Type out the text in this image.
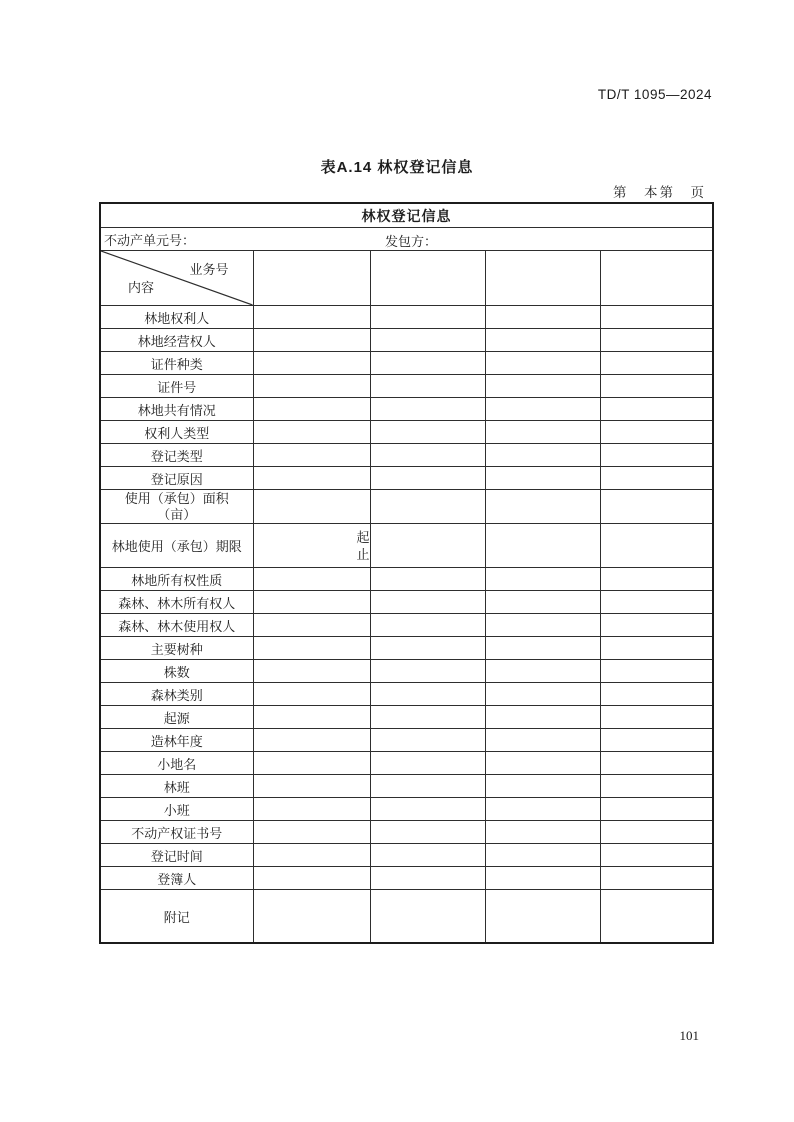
TD/T 1095—2024
表A.14 林权登记信息
第　本第　页
林权登记信息				
不动产单元号： 发包方：				

业务号
内容				

林地权利人				
林地经营权人				
证件种类				
证件号				
林地共有情况				
权利人类型				
登记类型				
登记原因				

使用（承包）面积
（亩）				

林地使用（承包）期限	起
止			

林地所有权性质				
森林、林木所有权人				
森林、林木使用权人				
主要树种				
株数				
森林类别				
起源				
造林年度				
小地名				
林班				
小班				
不动产权证书号				
登记时间				
登簿人				
附记				
101
